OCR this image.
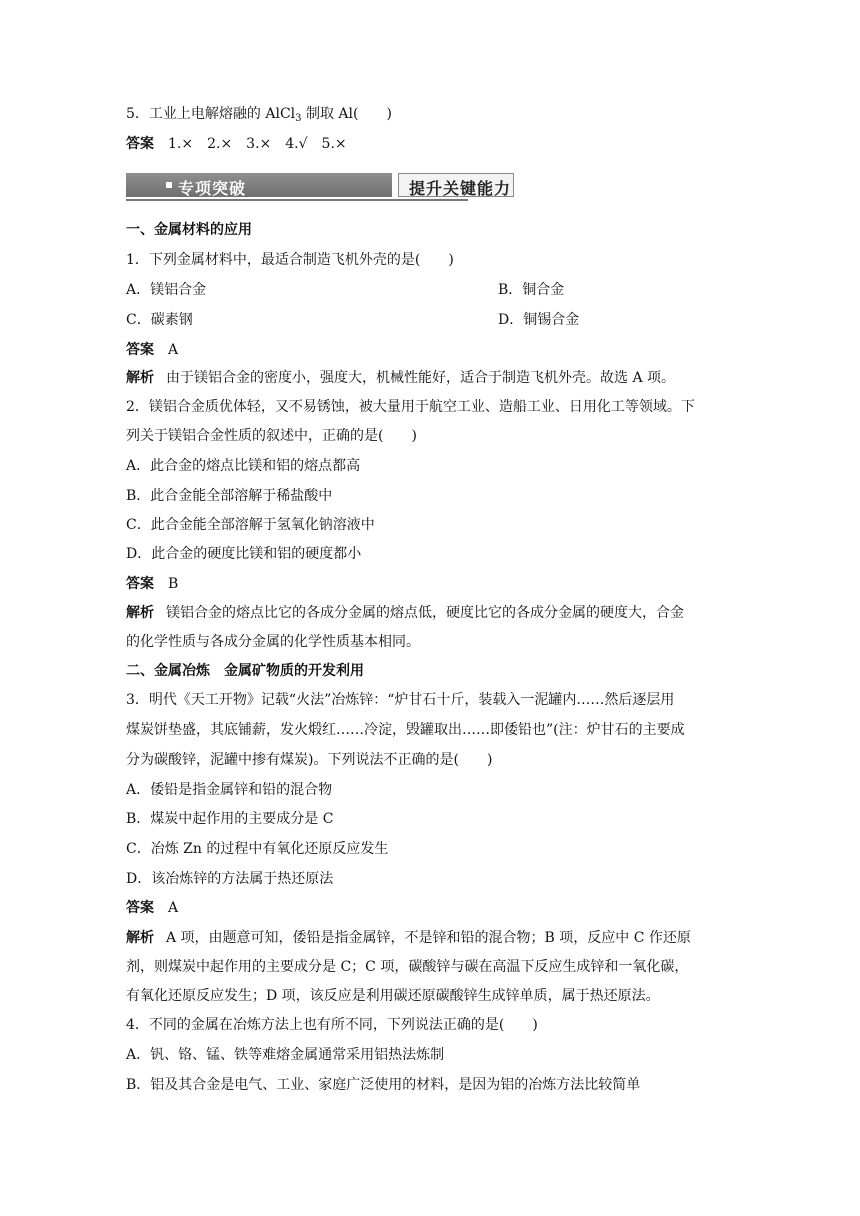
5．工业上电解熔融的 AlCl$_3$ 制取 Al( )
答案 1.×　2.×　3.×　4.√　5.×
专项突破	提升关键能力
一、金属材料的应用
1．下列金属材料中，最适合制造飞机外壳的是( )
A．镁铝合金	B．铜合金
C．碳素钢	D．铜锡合金
答案 A
解析 由于镁铝合金的密度小，强度大，机械性能好，适合于制造飞机外壳。故选 A 项。
2．镁铝合金质优体轻，又不易锈蚀，被大量用于航空工业、造船工业、日用化工等领域。下
列关于镁铝合金性质的叙述中，正确的是( )
A．此合金的熔点比镁和铝的熔点都高
B．此合金能全部溶解于稀盐酸中
C．此合金能全部溶解于氢氧化钠溶液中
D．此合金的硬度比镁和铝的硬度都小
答案 B
解析 镁铝合金的熔点比它的各成分金属的熔点低，硬度比它的各成分金属的硬度大，合金
的化学性质与各成分金属的化学性质基本相同。
二、金属冶炼　金属矿物质的开发利用
3．明代《天工开物》记载“火法”冶炼锌：“炉甘石十斤，装载入一泥罐内……然后逐层用
煤炭饼垫盛，其底铺薪，发火煅红……冷淀，毁罐取出……即倭铅也”(注：炉甘石的主要成
分为碳酸锌，泥罐中掺有煤炭)。下列说法不正确的是( )
A．倭铅是指金属锌和铅的混合物
B．煤炭中起作用的主要成分是 C
C．冶炼 Zn 的过程中有氧化还原反应发生
D．该冶炼锌的方法属于热还原法
答案 A
解析 A 项，由题意可知，倭铅是指金属锌，不是锌和铅的混合物；B 项，反应中 C 作还原
剂，则煤炭中起作用的主要成分是 C；C 项，碳酸锌与碳在高温下反应生成锌和一氧化碳，
有氧化还原反应发生；D 项，该反应是利用碳还原碳酸锌生成锌单质，属于热还原法。
4．不同的金属在冶炼方法上也有所不同，下列说法正确的是( )
A．钒、铬、锰、铁等难熔金属通常采用铝热法炼制
B．铝及其合金是电气、工业、家庭广泛使用的材料，是因为铝的冶炼方法比较简单
